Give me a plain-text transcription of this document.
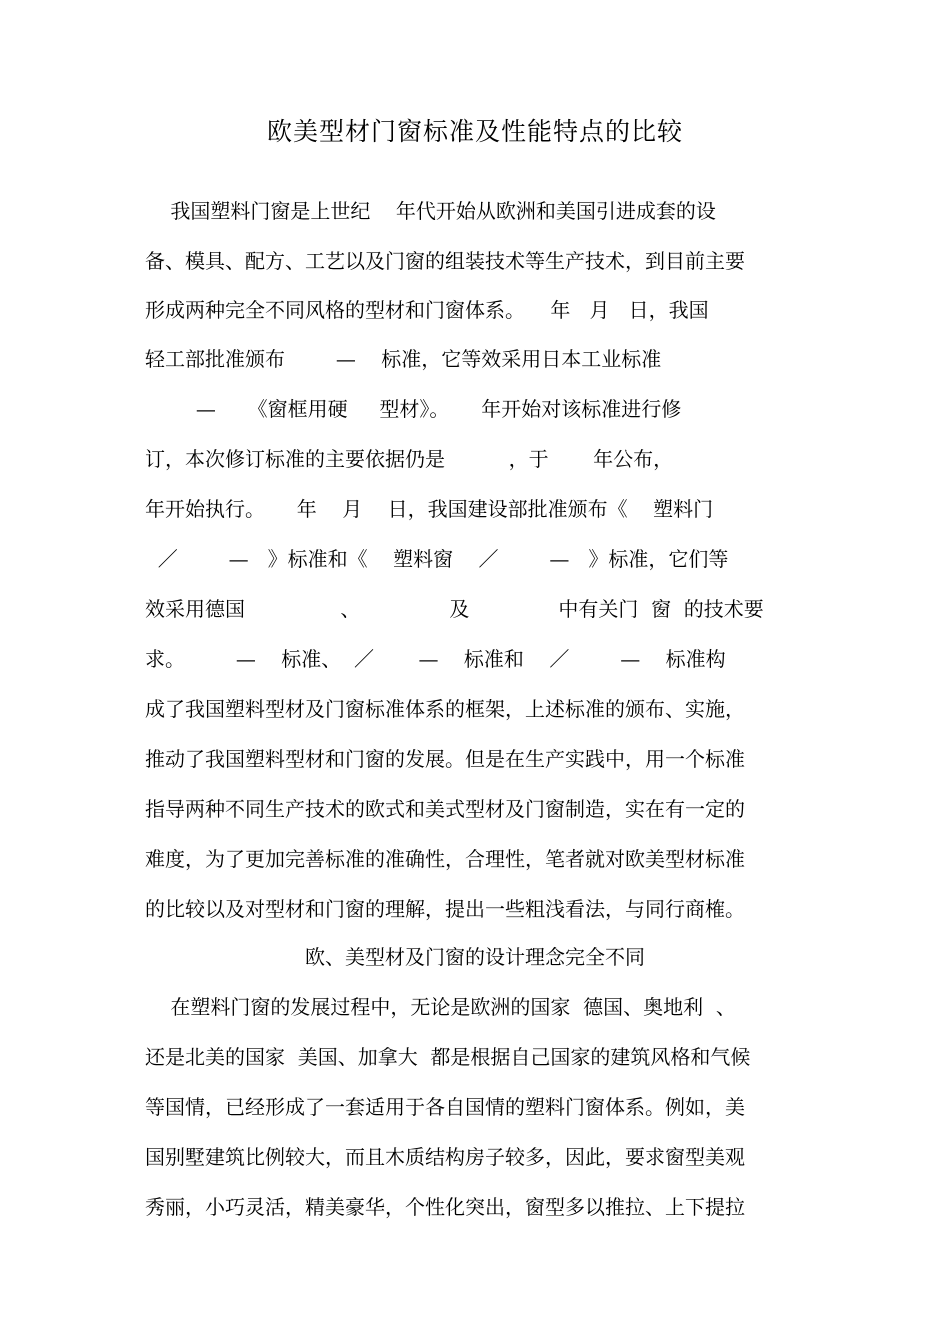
欧美型材门窗标准及性能特点的比较
我国塑料门窗是上世纪    年代开始从欧洲和美国引进成套的设
备、模具、配方、工艺以及门窗的组装技术等生产技术，到目前主要
形成两种完全不同风格的型材和门窗体系。    年   月   日，我国
轻工部批准颁布        —    标准，它等效采用日本工业标准
—     《窗框用硬     型材》。     年开始对该标准进行修
订，本次修订标准的主要依据仍是          ，于       年公布，
年开始执行。     年    月    日，我国建设部批准颁布《    塑料门
／        —   》标准和《    塑料窗    ／        —   》标准，它们等
效采用德国               、              及              中有关门  窗  的技术要
求。        —    标准、  ／       —    标准和    ／        —    标准构
成了我国塑料型材及门窗标准体系的框架，上述标准的颁布、实施，
推动了我国塑料型材和门窗的发展。但是在生产实践中，用一个标准
指导两种不同生产技术的欧式和美式型材及门窗制造，实在有一定的
难度，为了更加完善标准的准确性，合理性，笔者就对欧美型材标准
的比较以及对型材和门窗的理解，提出一些粗浅看法，与同行商榷。
欧、美型材及门窗的设计理念完全不同
在塑料门窗的发展过程中，无论是欧洲的国家  德国、奥地利  、
还是北美的国家  美国、加拿大  都是根据自己国家的建筑风格和气候
等国情，已经形成了一套适用于各自国情的塑料门窗体系。例如，美
国别墅建筑比例较大，而且木质结构房子较多，因此，要求窗型美观
秀丽，小巧灵活，精美豪华，个性化突出，窗型多以推拉、上下提拉
